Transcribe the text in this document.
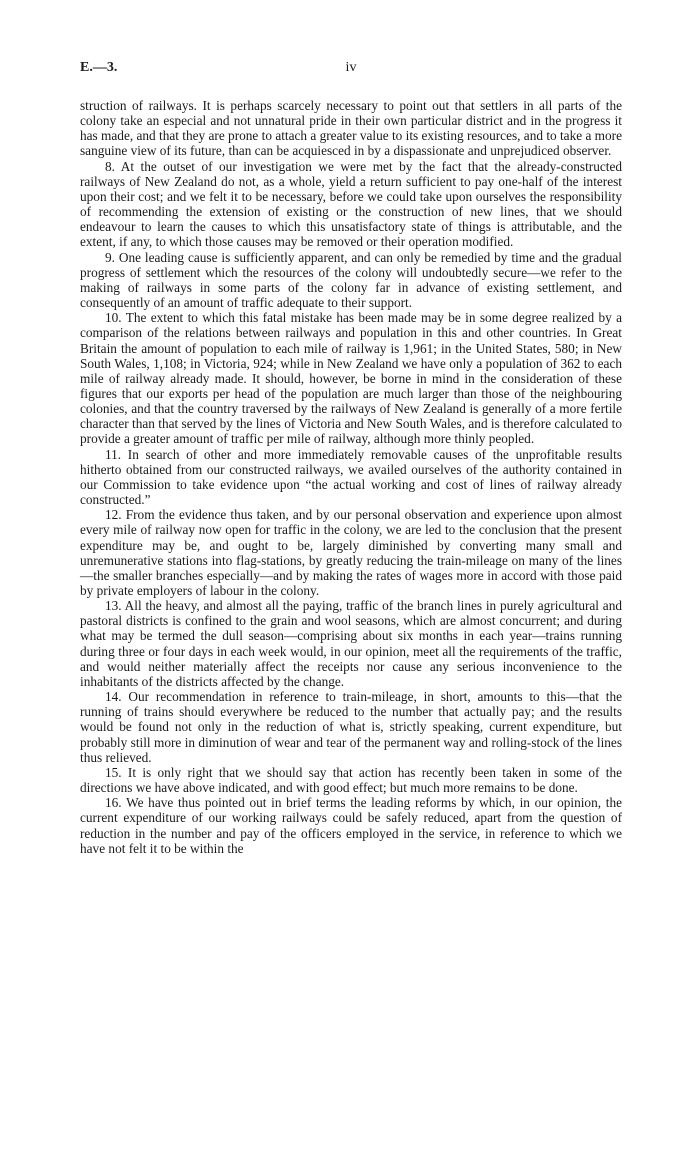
E.—3.	iv

struction of railways. It is perhaps scarcely necessary to point out that settlers in all parts of the colony take an especial and not unnatural pride in their own particular district and in the progress it has made, and that they are prone to attach a greater value to its existing resources, and to take a more sanguine view of its future, than can be acquiesced in by a dispassionate and unprejudiced observer.

8. At the outset of our investigation we were met by the fact that the already-constructed railways of New Zealand do not, as a whole, yield a return sufficient to pay one-half of the interest upon their cost; and we felt it to be necessary, before we could take upon ourselves the responsibility of recommending the extension of existing or the construction of new lines, that we should endeavour to learn the causes to which this unsatisfactory state of things is attributable, and the extent, if any, to which those causes may be removed or their operation modified.

9. One leading cause is sufficiently apparent, and can only be remedied by time and the gradual progress of settlement which the resources of the colony will undoubtedly secure—we refer to the making of railways in some parts of the colony far in advance of existing settlement, and consequently of an amount of traffic adequate to their support.

10. The extent to which this fatal mistake has been made may be in some degree realized by a comparison of the relations between railways and population in this and other countries. In Great Britain the amount of population to each mile of railway is 1,961; in the United States, 580; in New South Wales, 1,108; in Victoria, 924; while in New Zealand we have only a population of 362 to each mile of railway already made. It should, however, be borne in mind in the consideration of these figures that our exports per head of the population are much larger than those of the neighbouring colonies, and that the country traversed by the railways of New Zealand is generally of a more fertile character than that served by the lines of Victoria and New South Wales, and is therefore calculated to provide a greater amount of traffic per mile of railway, although more thinly peopled.

11. In search of other and more immediately removable causes of the unprofitable results hitherto obtained from our constructed railways, we availed ourselves of the authority contained in our Commission to take evidence upon “the actual working and cost of lines of railway already constructed.”

12. From the evidence thus taken, and by our personal observation and experience upon almost every mile of railway now open for traffic in the colony, we are led to the conclusion that the present expenditure may be, and ought to be, largely diminished by converting many small and unremunerative stations into flag-stations, by greatly reducing the train-mileage on many of the lines—the smaller branches especially—and by making the rates of wages more in accord with those paid by private employers of labour in the colony.

13. All the heavy, and almost all the paying, traffic of the branch lines in purely agricultural and pastoral districts is confined to the grain and wool seasons, which are almost concurrent; and during what may be termed the dull season—comprising about six months in each year—trains running during three or four days in each week would, in our opinion, meet all the requirements of the traffic, and would neither materially affect the receipts nor cause any serious inconvenience to the inhabitants of the districts affected by the change.

14. Our recommendation in reference to train-mileage, in short, amounts to this—that the running of trains should everywhere be reduced to the number that actually pay; and the results would be found not only in the reduction of what is, strictly speaking, current expenditure, but probably still more in diminution of wear and tear of the permanent way and rolling-stock of the lines thus relieved.

15. It is only right that we should say that action has recently been taken in some of the directions we have above indicated, and with good effect; but much more remains to be done.

16. We have thus pointed out in brief terms the leading reforms by which, in our opinion, the current expenditure of our working railways could be safely reduced, apart from the question of reduction in the number and pay of the officers employed in the service, in reference to which we have not felt it to be within the
